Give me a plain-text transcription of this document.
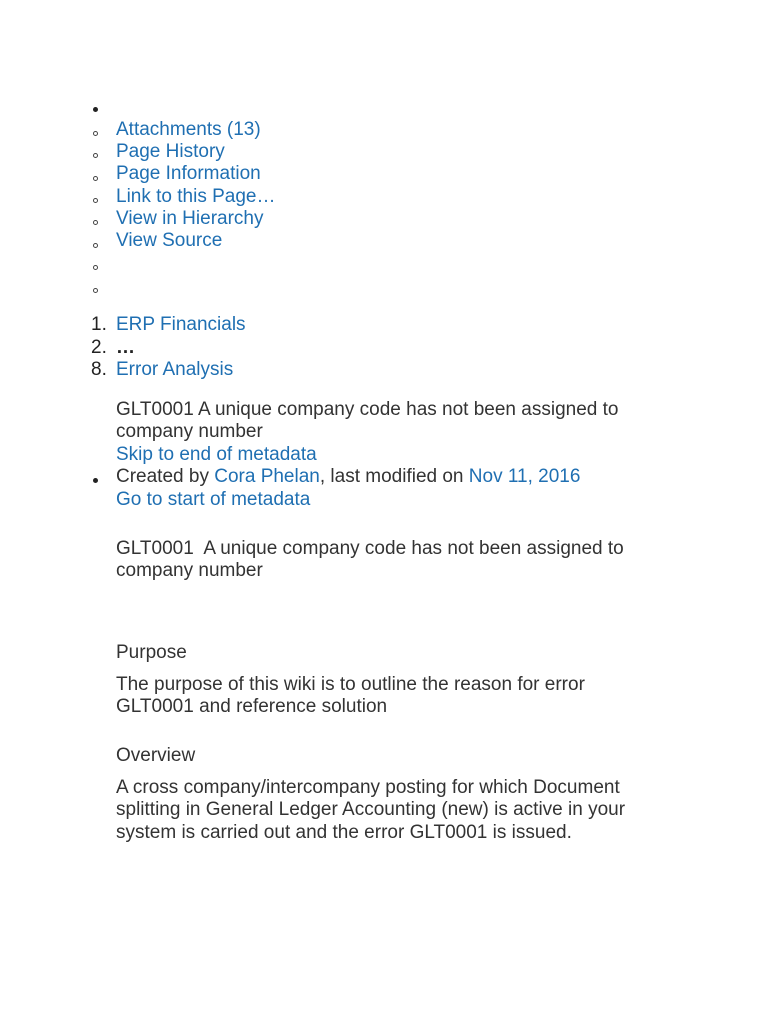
Attachments (13)
Page History
Page Information
Link to this Page…
View in Hierarchy
View Source
1. ERP Financials
2. …
8. Error Analysis
GLT0001 A unique company code has not been assigned to company number
Skip to end of metadata
Created by Cora Phelan, last modified on Nov 11, 2016
Go to start of metadata
GLT0001  A unique company code has not been assigned to company number
Purpose
The purpose of this wiki is to outline the reason for error GLT0001 and reference solution
Overview
A cross company/intercompany posting for which Document splitting in General Ledger Accounting (new) is active in your system is carried out and the error GLT0001 is issued.
